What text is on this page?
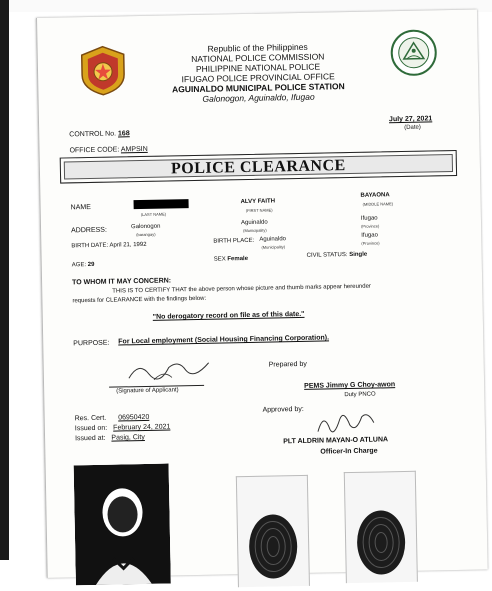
Republic of the Philippines
NATIONAL POLICE COMMISSION
PHILIPPINE NATIONAL POLICE
IFUGAO POLICE PROVINCIAL OFFICE
AGUINALDO MUNICIPAL POLICE STATION
Galonogon, Aguinaldo, Ifugao
CONTROL No. 168
July 27, 2021
(Date)
OFFICE CODE: AMPSIN
POLICE CLEARANCE
NAME
(LAST NAME)
ALVY FAITH
(FIRST NAME)
BAYAONA
(MIDDLE NAME)
ADDRESS:	Galonogon
(barangay)
Aguinaldo
(Municipality)
Ifugao
(Province)
BIRTH DATE: April 21, 1992
BIRTH PLACE: Aguinaldo
(Municipality)
Ifugao
(Province)
AGE: 29
SEX Female
CIVIL STATUS: Single
TO WHOM IT MAY CONCERN:
THIS IS TO CERTIFY THAT the above person whose picture and thumb marks appear hereunder
requests for CLEARANCE with the findings below:
"No derogatory record on file as of this date."
PURPOSE: For Local employment (Social Housing Financing Corporation).
(Signature of Applicant)
Prepared by
PEMS Jimmy G Choy-awon
Duty PNCO
Res. Cert. 06950420
Issued on: February 24, 2021
Issued at: Pasig, City
Approved by:
PLT ALDRIN MAYAN-O ATLUNA
Officer-In Charge
